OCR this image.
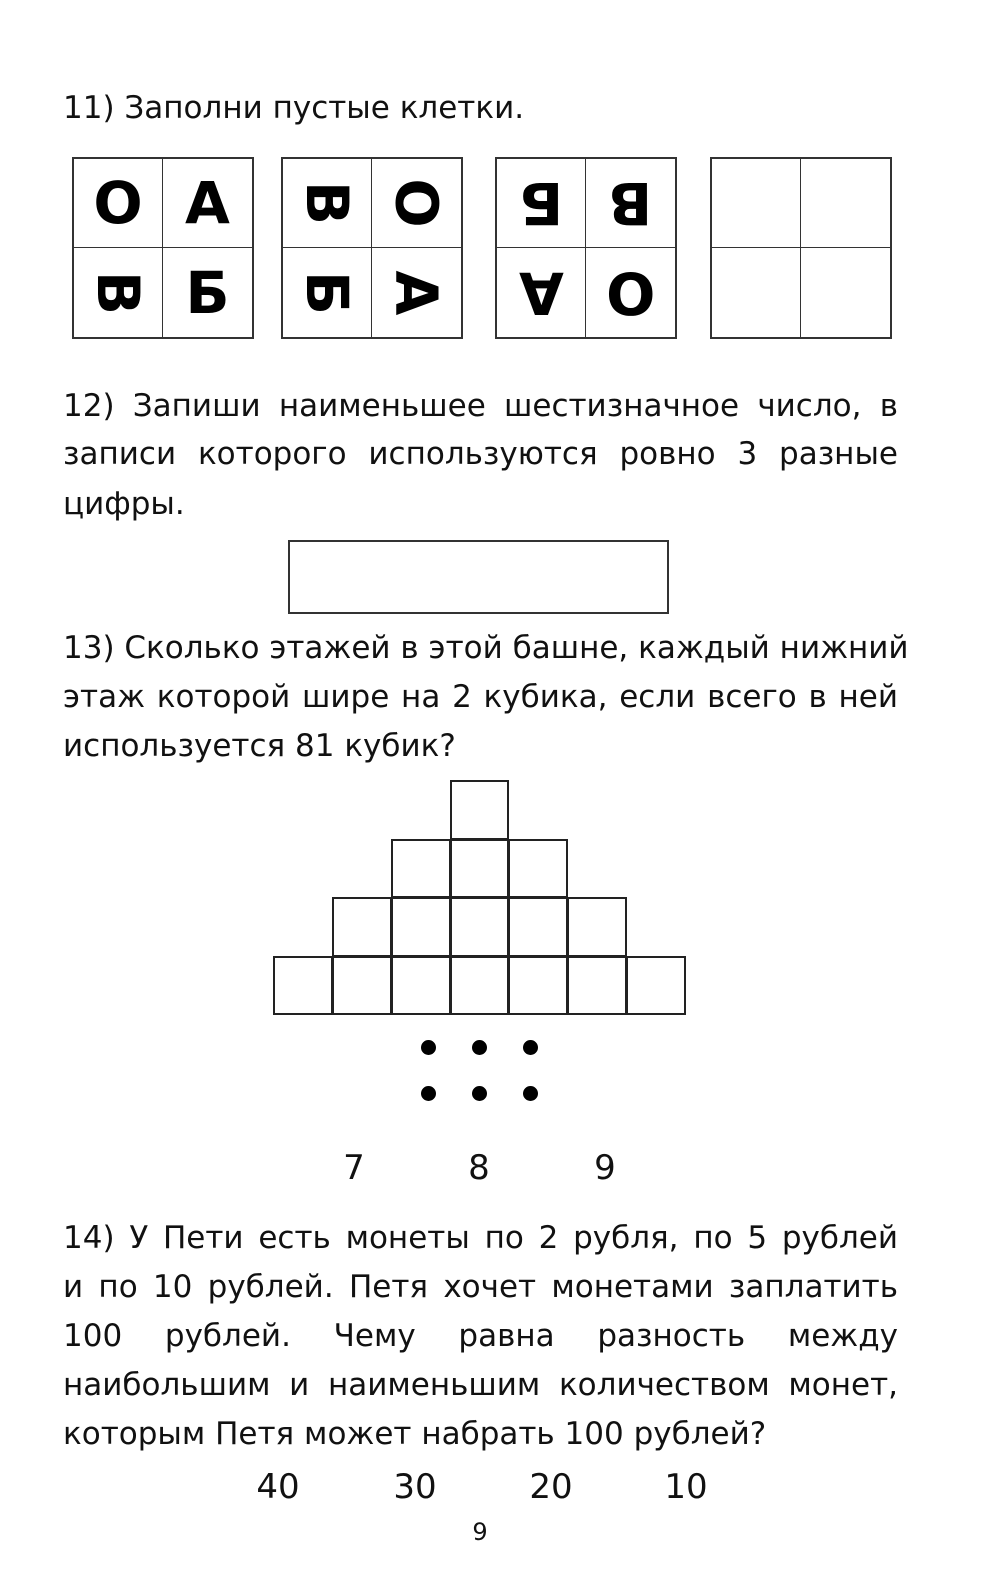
11) Заполни пустые клетки.
О А
В Б
В О
Б А
Б В
А О
12) Запиши наименьшее шестизначное число, в
записи которого используются ровно 3 разные
цифры.
13) Сколько этажей в этой башне, каждый нижний
этаж которой шире на 2 кубика, если всего в ней
используется 81 кубик?
7	8	9
14) У Пети есть монеты по 2 рубля, по 5 рублей
и по 10 рублей. Петя хочет монетами заплатить
100 рублей. Чему равна разность между
наибольшим и наименьшим количеством монет,
которым Петя может набрать 100 рублей?
40	30	20	10
9
